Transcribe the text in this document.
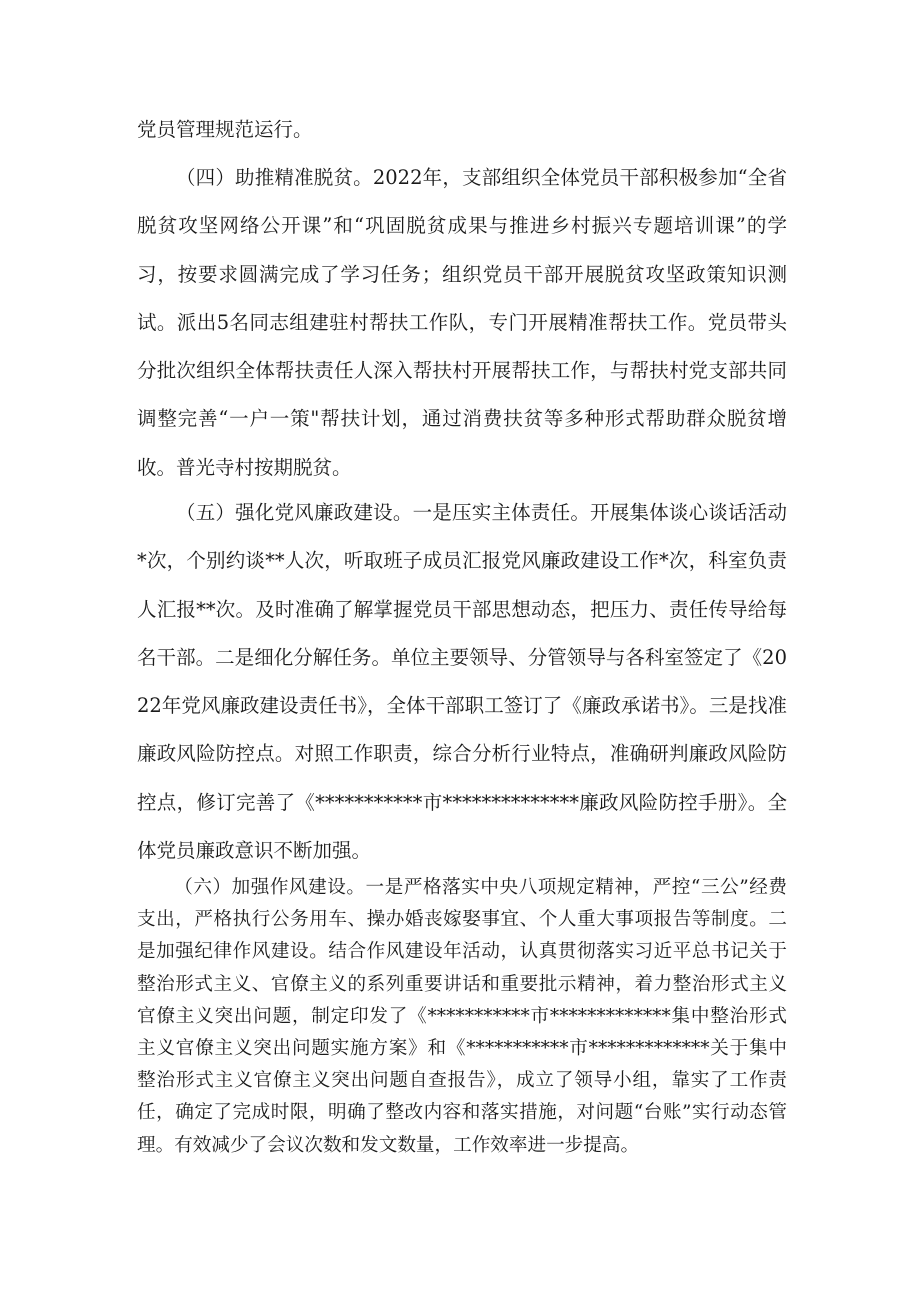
党员管理规范运行。

（四）助推精准脱贫。2022年，支部组织全体党员干部积极参加“全省脱贫攻坚网络公开课”和“巩固脱贫成果与推进乡村振兴专题培训课”的学习，按要求圆满完成了学习任务；组织党员干部开展脱贫攻坚政策知识测试。派出5名同志组建驻村帮扶工作队，专门开展精准帮扶工作。党员带头分批次组织全体帮扶责任人深入帮扶村开展帮扶工作，与帮扶村党支部共同调整完善“一户一策"帮扶计划，通过消费扶贫等多种形式帮助群众脱贫增收。普光寺村按期脱贫。

（五）强化党风廉政建设。一是压实主体责任。开展集体谈心谈话活动*次，个别约谈**人次，听取班子成员汇报党风廉政建设工作*次，科室负责人汇报**次。及时准确了解掌握党员干部思想动态，把压力、责任传导给每名干部。二是细化分解任务。单位主要领导、分管领导与各科室签定了《2022年党风廉政建设责任书》，全体干部职工签订了《廉政承诺书》。三是找准廉政风险防控点。对照工作职责，综合分析行业特点，准确研判廉政风险防控点，修订完善了《***********市**************廉政风险防控手册》。全体党员廉政意识不断加强。

（六）加强作风建设。一是严格落实中央八项规定精神，严控“三公”经费支出，严格执行公务用车、操办婚丧嫁娶事宜、个人重大事项报告等制度。二是加强纪律作风建设。结合作风建设年活动，认真贯彻落实习近平总书记关于整治形式主义、官僚主义的系列重要讲话和重要批示精神，着力整治形式主义官僚主义突出问题，制定印发了《***********市*************集中整治形式主义官僚主义突出问题实施方案》和《***********市*************关于集中整治形式主义官僚主义突出问题自查报告》，成立了领导小组，靠实了工作责任，确定了完成时限，明确了整改内容和落实措施，对问题“台账”实行动态管理。有效减少了会议次数和发文数量，工作效率进一步提高。
